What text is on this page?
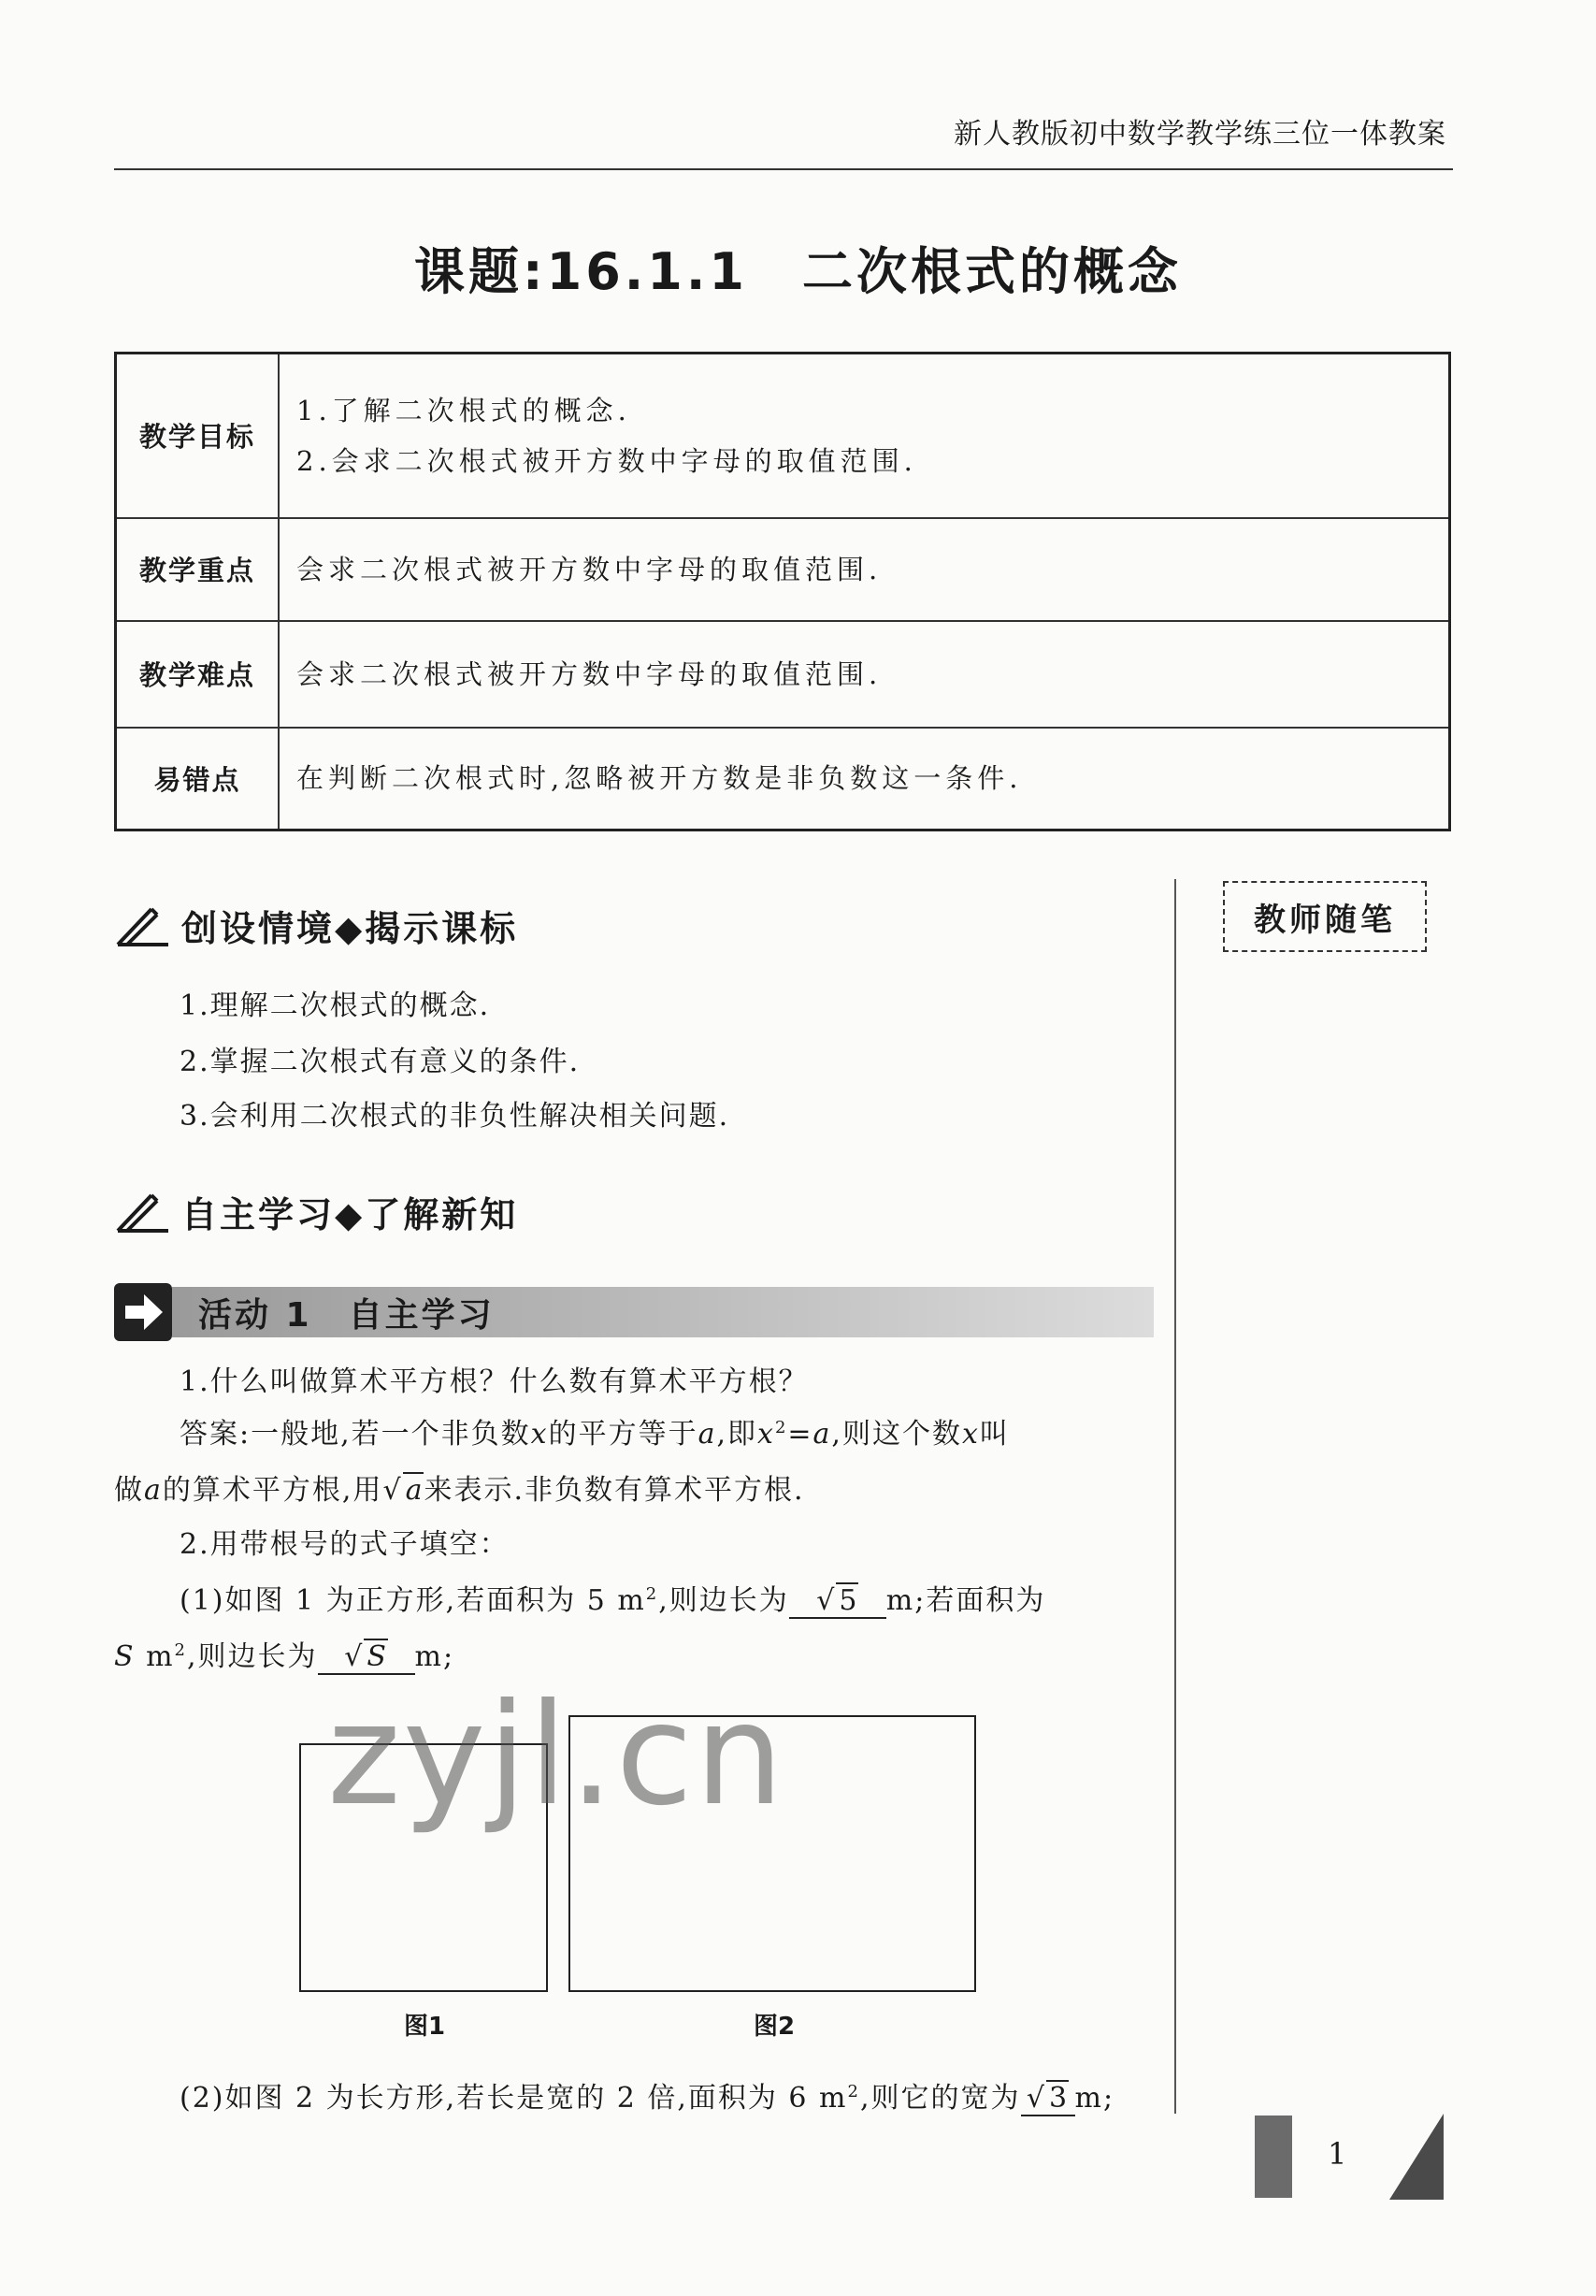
新人教版初中数学教学练三位一体教案
课题:16.1.1　二次根式的概念
教学目标	1.了解二次根式的概念.
2.会求二次根式被开方数中字母的取值范围.

教学重点	会求二次根式被开方数中字母的取值范围.
教学难点	会求二次根式被开方数中字母的取值范围.
易错点	在判断二次根式时,忽略被开方数是非负数这一条件.
教师随笔
创设情境◆揭示课标
1.理解二次根式的概念.
2.掌握二次根式有意义的条件.
3.会利用二次根式的非负性解决相关问题.
自主学习◆了解新知
活动 1　自主学习
1.什么叫做算术平方根？什么数有算术平方根？
答案:一般地,若一个非负数x的平方等于a,即$x^2=a$,则这个数x叫
做a的算术平方根,用√ a来表示.非负数有算术平方根.
2.用带根号的式子填空：
(1)如图 1 为正方形,若面积为 5 $m^2$,则边长为 √ 5 m;若面积为
S $m^2$,则边长为 √ S m;
图1	图2
zyjl.cn
(2)如图 2 为长方形,若长是宽的 2 倍,面积为 6 $m^2$,则它的宽为 √ 3 m;
1
